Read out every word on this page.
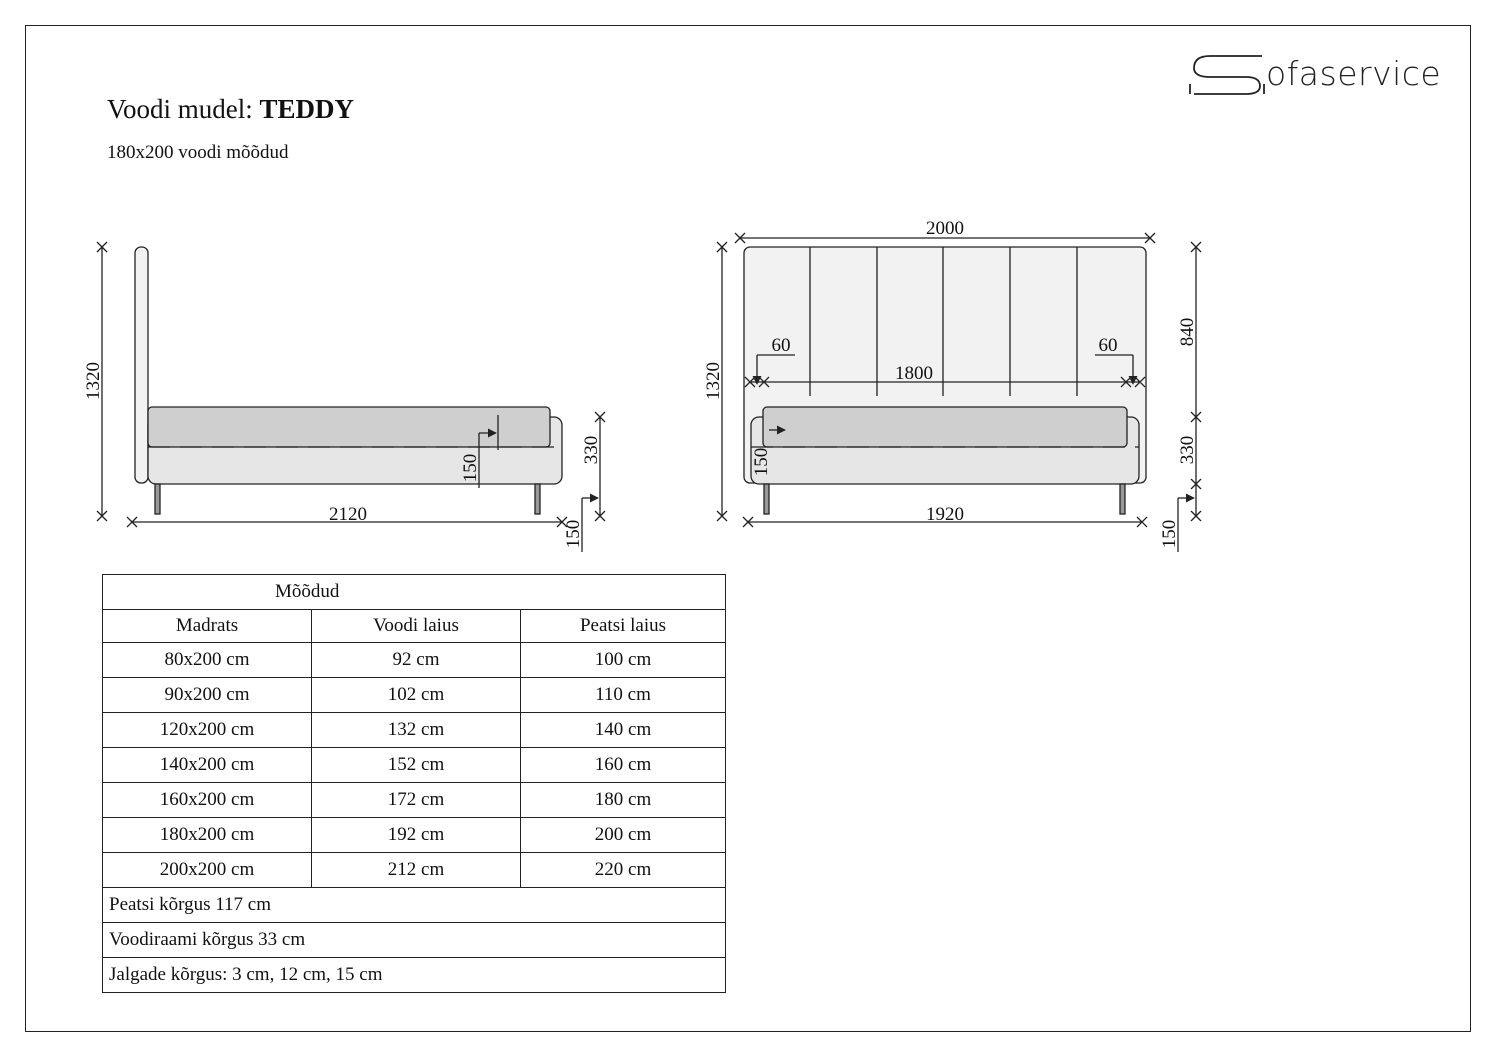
Voodi mudel: TEDDY
180x200 voodi mõõdud
ofaservice
1320
2120
330
150
150
2000
1320
840
330
150
1920
1800
60	60
150
Mõõdud		
Madrats	Voodi laius	Peatsi laius
80x200 cm	92 cm	100 cm
90x200 cm	102 cm	110 cm
120x200 cm	132 cm	140 cm
140x200 cm	152 cm	160 cm
160x200 cm	172 cm	180 cm
180x200 cm	192 cm	200 cm
200x200 cm	212 cm	220 cm
Peatsi kõrgus 117 cm		
Voodiraami kõrgus 33 cm		
Jalgade kõrgus: 3 cm, 12 cm, 15 cm		
